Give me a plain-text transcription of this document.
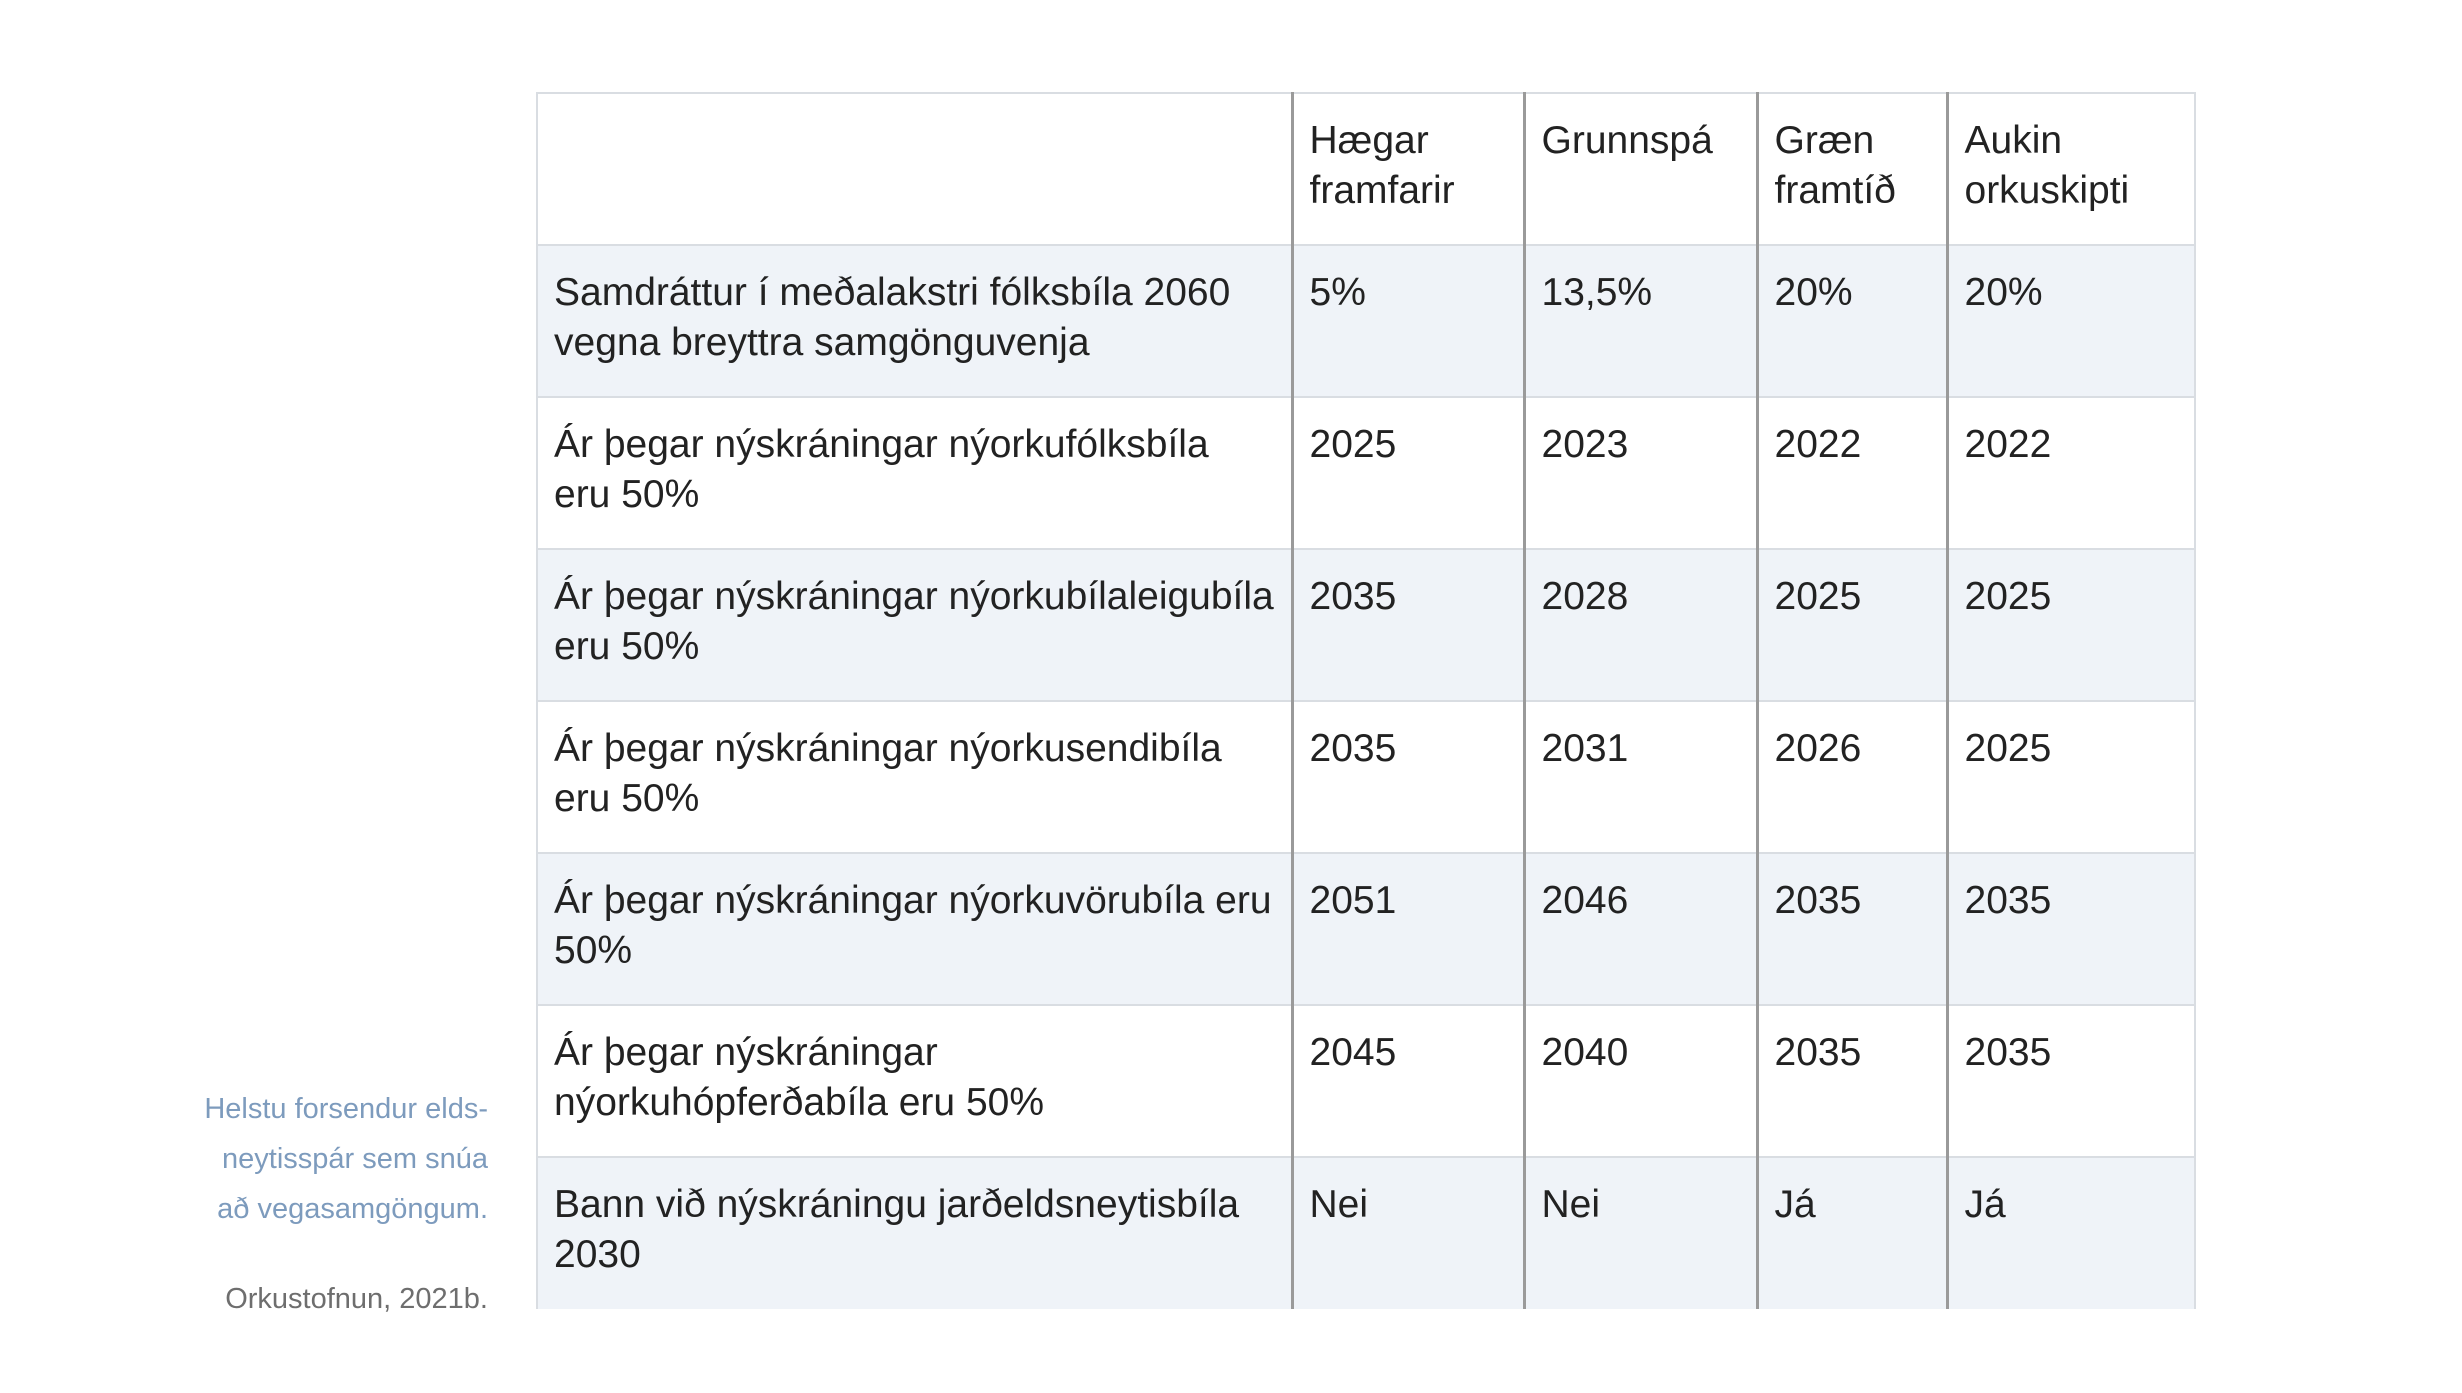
Helstu forsendur elds-
neytisspár sem snúa
að vegasamgöngum.
Orkustofnun, 2021b.
	Hægar framfarir	Grunnspá	Græn framtíð	Aukin orkuskipti
Samdráttur í meðalakstri fólksbíla 2060 vegna breyttra samgönguvenja	5%	13,5%	20%	20%
Ár þegar nýskráningar nýorkufólksbíla eru 50%	2025	2023	2022	2022
Ár þegar nýskráningar nýorkubílaleigubíla eru 50%	2035	2028	2025	2025
Ár þegar nýskráningar nýorkusendibíla eru 50%	2035	2031	2026	2025
Ár þegar nýskráningar nýorkuvörubíla eru 50%	2051	2046	2035	2035
Ár þegar nýskráningar nýorkuhópferðabíla eru 50%	2045	2040	2035	2035
Bann við nýskráningu jarðeldsneytisbíla 2030	Nei	Nei	Já	Já
